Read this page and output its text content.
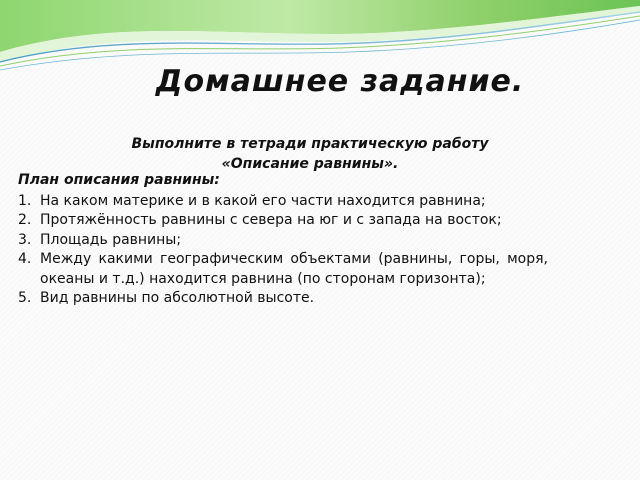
Домашнее задание.
Выполните в тетради практическую работу
«Описание равнины».
План описания равнины:
1. На каком материке и в какой его части находится равнина;
2. Протяжённость равнины с севера на юг и с запада на восток;
3. Площадь равнины;
4. Между какими географическим объектами (равнины, горы, моря, океаны и т.д.) находится равнина (по сторонам горизонта);
5. Вид равнины по абсолютной высоте.
